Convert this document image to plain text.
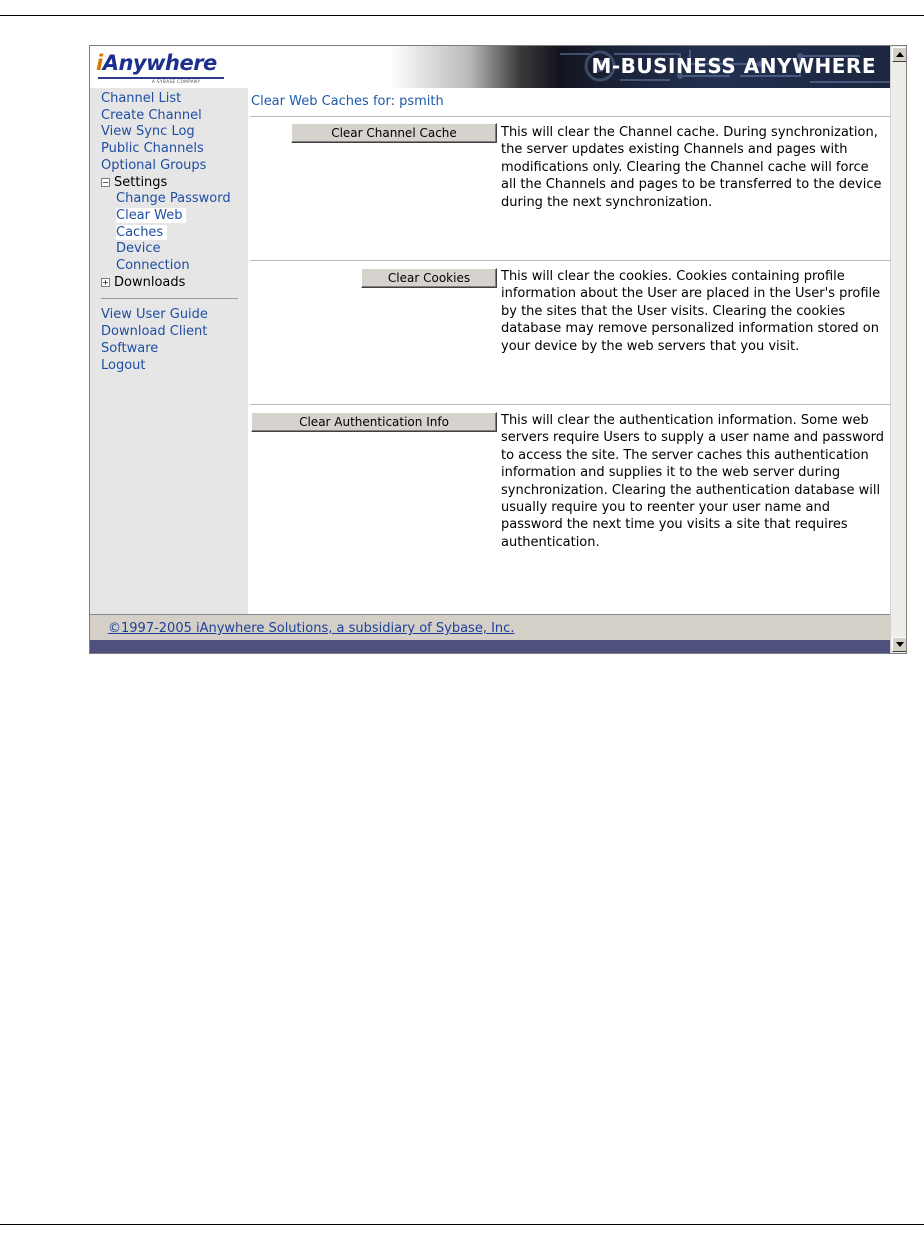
iAnywhere
A SYBASE COMPANY
M-BUSINESS ANYWHERE
Channel List
Create Channel
View Sync Log
Public Channels
Optional Groups
− Settings
Change Password
Clear Web
Caches
Device
Connection
+ Downloads
View User Guide
Download Client
Software
Logout
Clear Web Caches for: psmith
Clear Channel Cache	This will clear the Channel cache. During synchronization, the server updates existing Channels and pages with modifications only. Clearing the Channel cache will force all the Channels and pages to be transferred to the device during the next synchronization.
Clear Cookies	This will clear the cookies. Cookies containing profile information about the User are placed in the User's profile by the sites that the User visits. Clearing the cookies database may remove personalized information stored on your device by the web servers that you visit.
Clear Authentication Info	This will clear the authentication information. Some web servers require Users to supply a user name and password to access the site. The server caches this authentication information and supplies it to the web server during synchronization. Clearing the authentication database will usually require you to reenter your user name and password the next time you visits a site that requires authentication.
©1997-2005 iAnywhere Solutions, a subsidiary of Sybase, Inc.
